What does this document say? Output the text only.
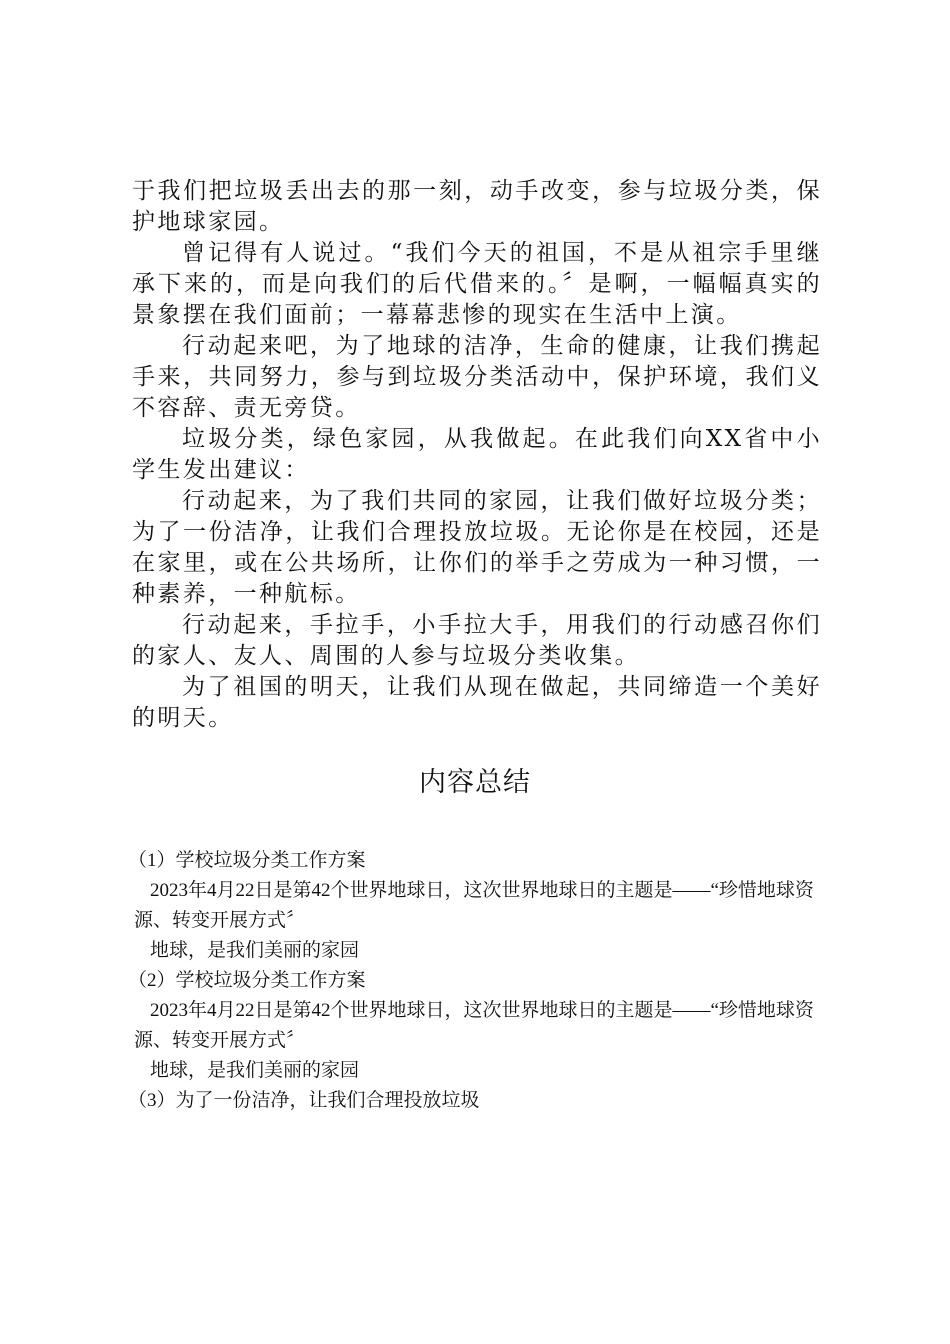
于我们把垃圾丢出去的那一刻，动手改变，参与垃圾分类，保护地球家园。

曾记得有人说过。“我们今天的祖国，不是从祖宗手里继承下来的，而是向我们的后代借来的。〞是啊，一幅幅真实的景象摆在我们面前；一幕幕悲惨的现实在生活中上演。

行动起来吧，为了地球的洁净，生命的健康，让我们携起手来，共同努力，参与到垃圾分类活动中，保护环境，我们义不容辞、责无旁贷。

垃圾分类，绿色家园，从我做起。在此我们向XX省中小学生发出建议：

行动起来，为了我们共同的家园，让我们做好垃圾分类；为了一份洁净，让我们合理投放垃圾。无论你是在校园，还是在家里，或在公共场所，让你们的举手之劳成为一种习惯，一种素养，一种航标。

行动起来，手拉手，小手拉大手，用我们的行动感召你们的家人、友人、周围的人参与垃圾分类收集。

为了祖国的明天，让我们从现在做起，共同缔造一个美好的明天。

内容总结

（1）学校垃圾分类工作方案

2023年4月22日是第42个世界地球日，这次世界地球日的主题是——“珍惜地球资源、转变开展方式〞

地球，是我们美丽的家园

（2）学校垃圾分类工作方案

2023年4月22日是第42个世界地球日，这次世界地球日的主题是——“珍惜地球资源、转变开展方式〞

地球，是我们美丽的家园

（3）为了一份洁净，让我们合理投放垃圾
